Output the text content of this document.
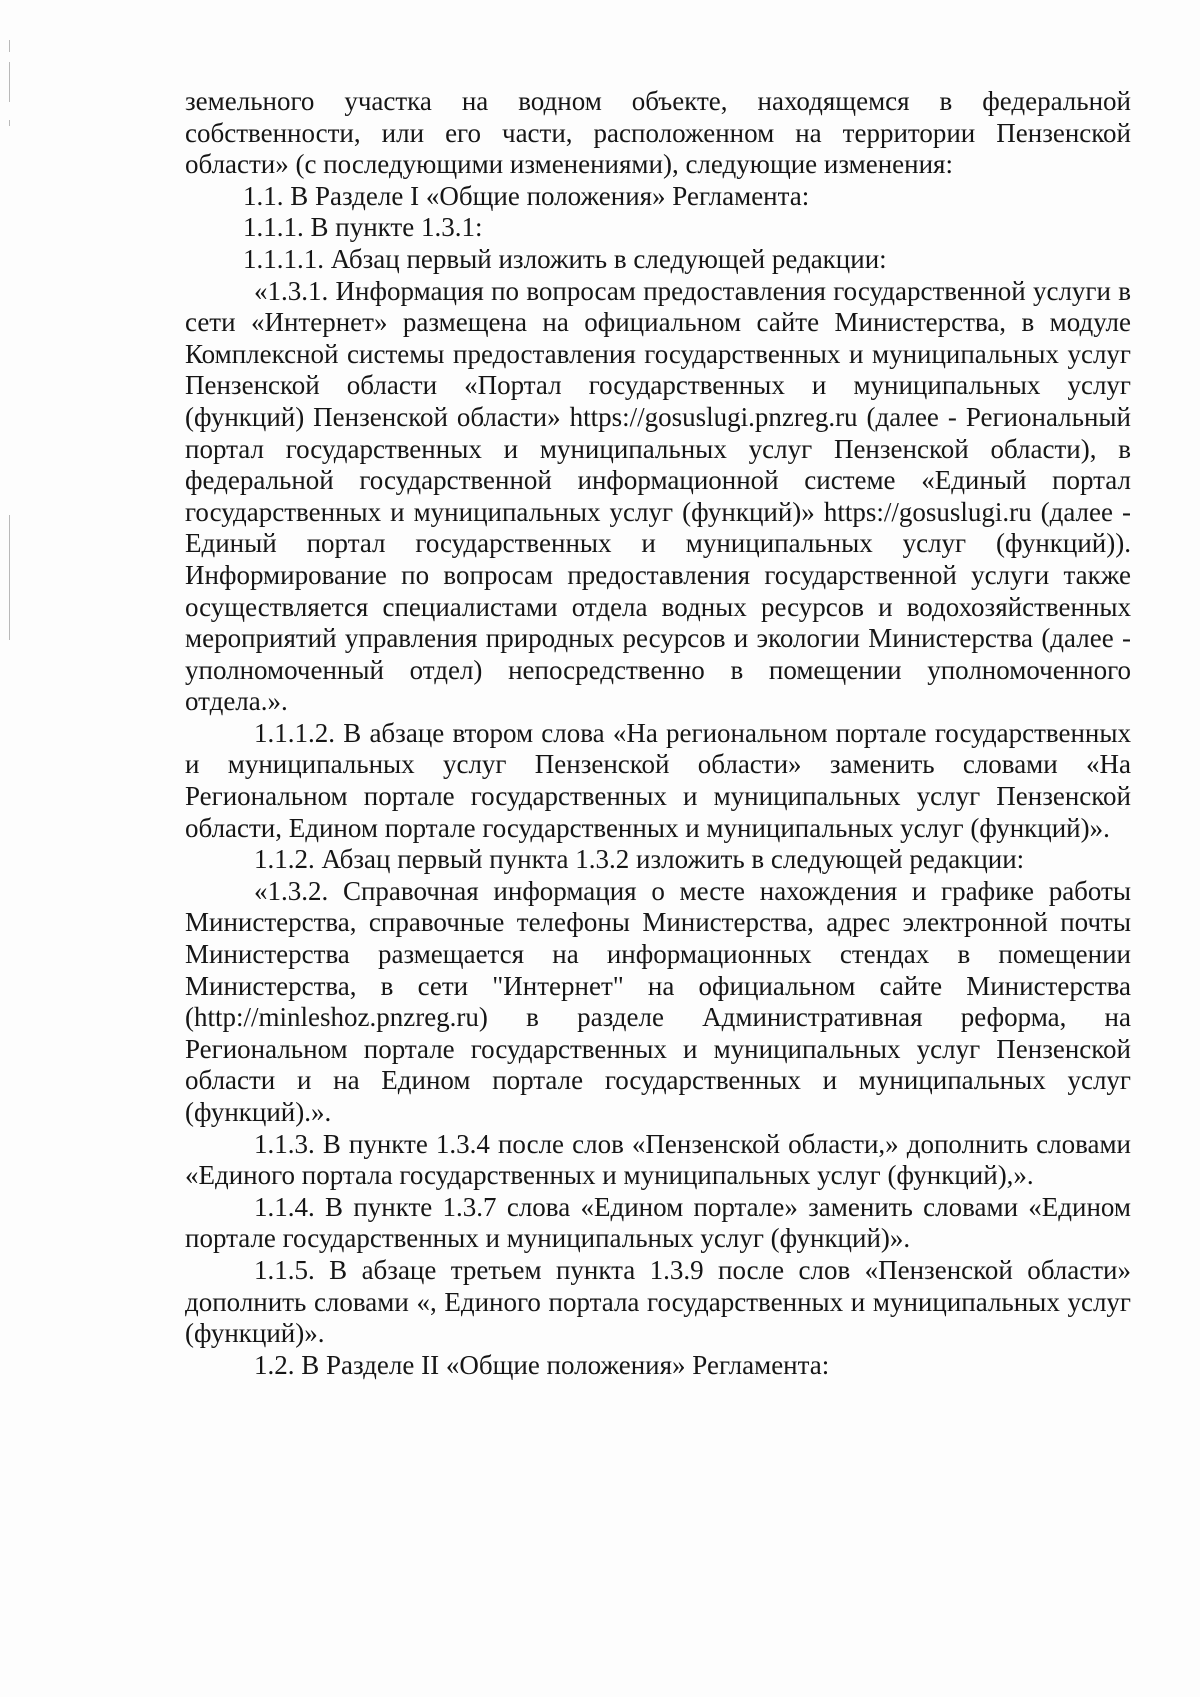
земельного участка на водном объекте, находящемся в федеральной собственности, или его части, расположенном на территории Пензенской области» (с последующими изменениями), следующие изменения:

1.1. В Разделе I «Общие положения» Регламента:

1.1.1. В пункте 1.3.1:

1.1.1.1. Абзац первый изложить в следующей редакции:

«1.3.1. Информация по вопросам предоставления государственной услуги в сети «Интернет» размещена на официальном сайте Министерства, в модуле Комплексной системы предоставления государственных и муниципальных услуг Пензенской области «Портал государственных и муниципальных услуг (функций) Пензенской области» https://gosuslugi.pnzreg.ru (далее - Региональный портал государственных и муниципальных услуг Пензенской области), в федеральной государственной информационной системе «Единый портал государственных и муниципальных услуг (функций)» https://gosuslugi.ru (далее - Единый портал государственных и муниципальных услуг (функций)). Информирование по вопросам предоставления государственной услуги также осуществляется специалистами отдела водных ресурсов и водохозяйственных мероприятий управления природных ресурсов и экологии Министерства (далее - уполномоченный отдел) непосредственно в помещении уполномоченного отдела.».

1.1.1.2. В абзаце втором слова «На региональном портале государственных и муниципальных услуг Пензенской области» заменить словами «На Региональном портале государственных и муниципальных услуг Пензенской области, Едином портале государственных и муниципальных услуг (функций)».

1.1.2. Абзац первый пункта 1.3.2 изложить в следующей редакции:

«1.3.2. Справочная информация о месте нахождения и графике работы Министерства, справочные телефоны Министерства, адрес электронной почты Министерства размещается на информационных стендах в помещении Министерства, в сети "Интернет" на официальном сайте Министерства (http://minleshoz.pnzreg.ru) в разделе Административная реформа, на Региональном портале государственных и муниципальных услуг Пензенской области и на Едином портале государственных и муниципальных услуг (функций).».

1.1.3. В пункте 1.3.4 после слов «Пензенской области,» дополнить словами «Единого портала государственных и муниципальных услуг (функций),».

1.1.4. В пункте 1.3.7 слова «Едином портале» заменить словами «Едином портале государственных и муниципальных услуг (функций)».

1.1.5. В абзаце третьем пункта 1.3.9 после слов «Пензенской области» дополнить словами «, Единого портала государственных и муниципальных услуг (функций)».

1.2. В Разделе II «Общие положения» Регламента:
